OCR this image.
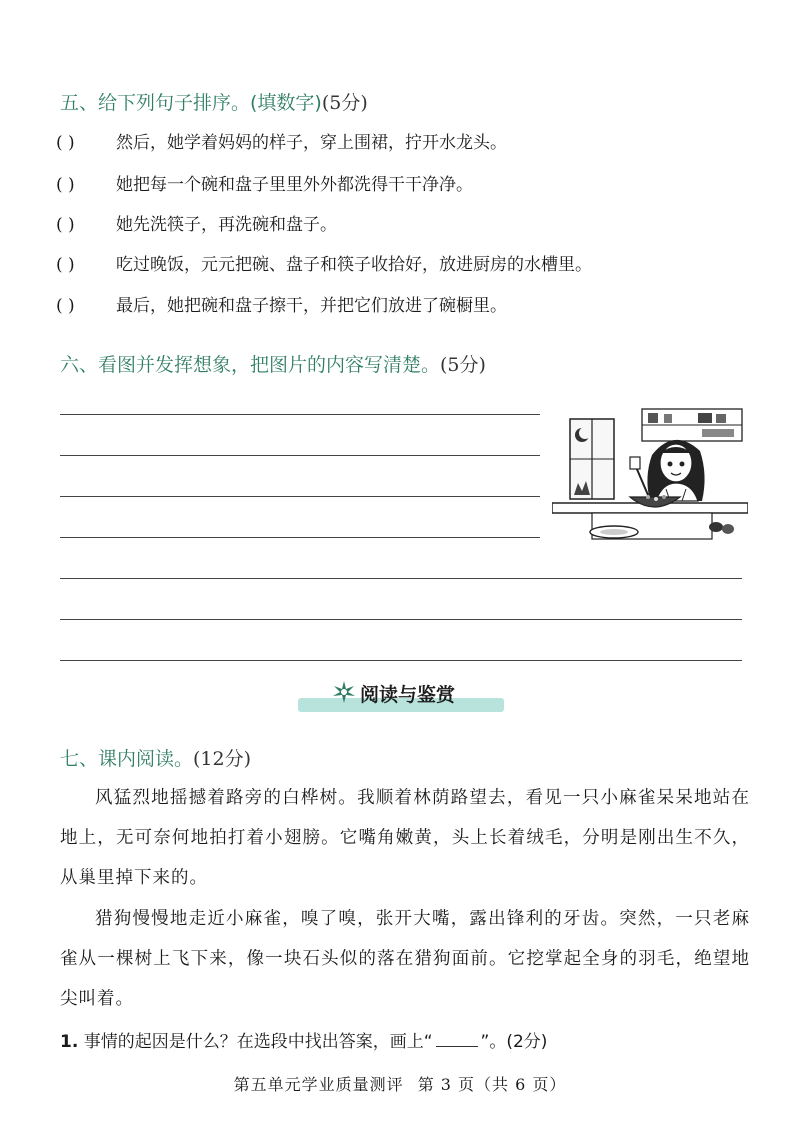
五、给下列句子排序。(填数字)(5分)
( ) 然后，她学着妈妈的样子，穿上围裙，拧开水龙头。
( ) 她把每一个碗和盘子里里外外都洗得干干净净。
( ) 她先洗筷子，再洗碗和盘子。
( ) 吃过晚饭，元元把碗、盘子和筷子收拾好，放进厨房的水槽里。
( ) 最后，她把碗和盘子擦干，并把它们放进了碗橱里。
六、看图并发挥想象，把图片的内容写清楚。(5分)
阅读与鉴赏
七、课内阅读。(12分)

风猛烈地摇撼着路旁的白桦树。我顺着林荫路望去，看见一只小麻雀呆呆地站在地上，无可奈何地拍打着小翅膀。它嘴角嫩黄，头上长着绒毛，分明是刚出生不久，从巢里掉下来的。

猎狗慢慢地走近小麻雀，嗅了嗅，张开大嘴，露出锋利的牙齿。突然，一只老麻雀从一棵树上飞下来，像一块石头似的落在猎狗面前。它挖掌起全身的羽毛，绝望地尖叫着。

1. 事情的起因是什么？在选段中找出答案，画上“	”。(2分)
第五单元学业质量测评 第 3 页（共 6 页）
